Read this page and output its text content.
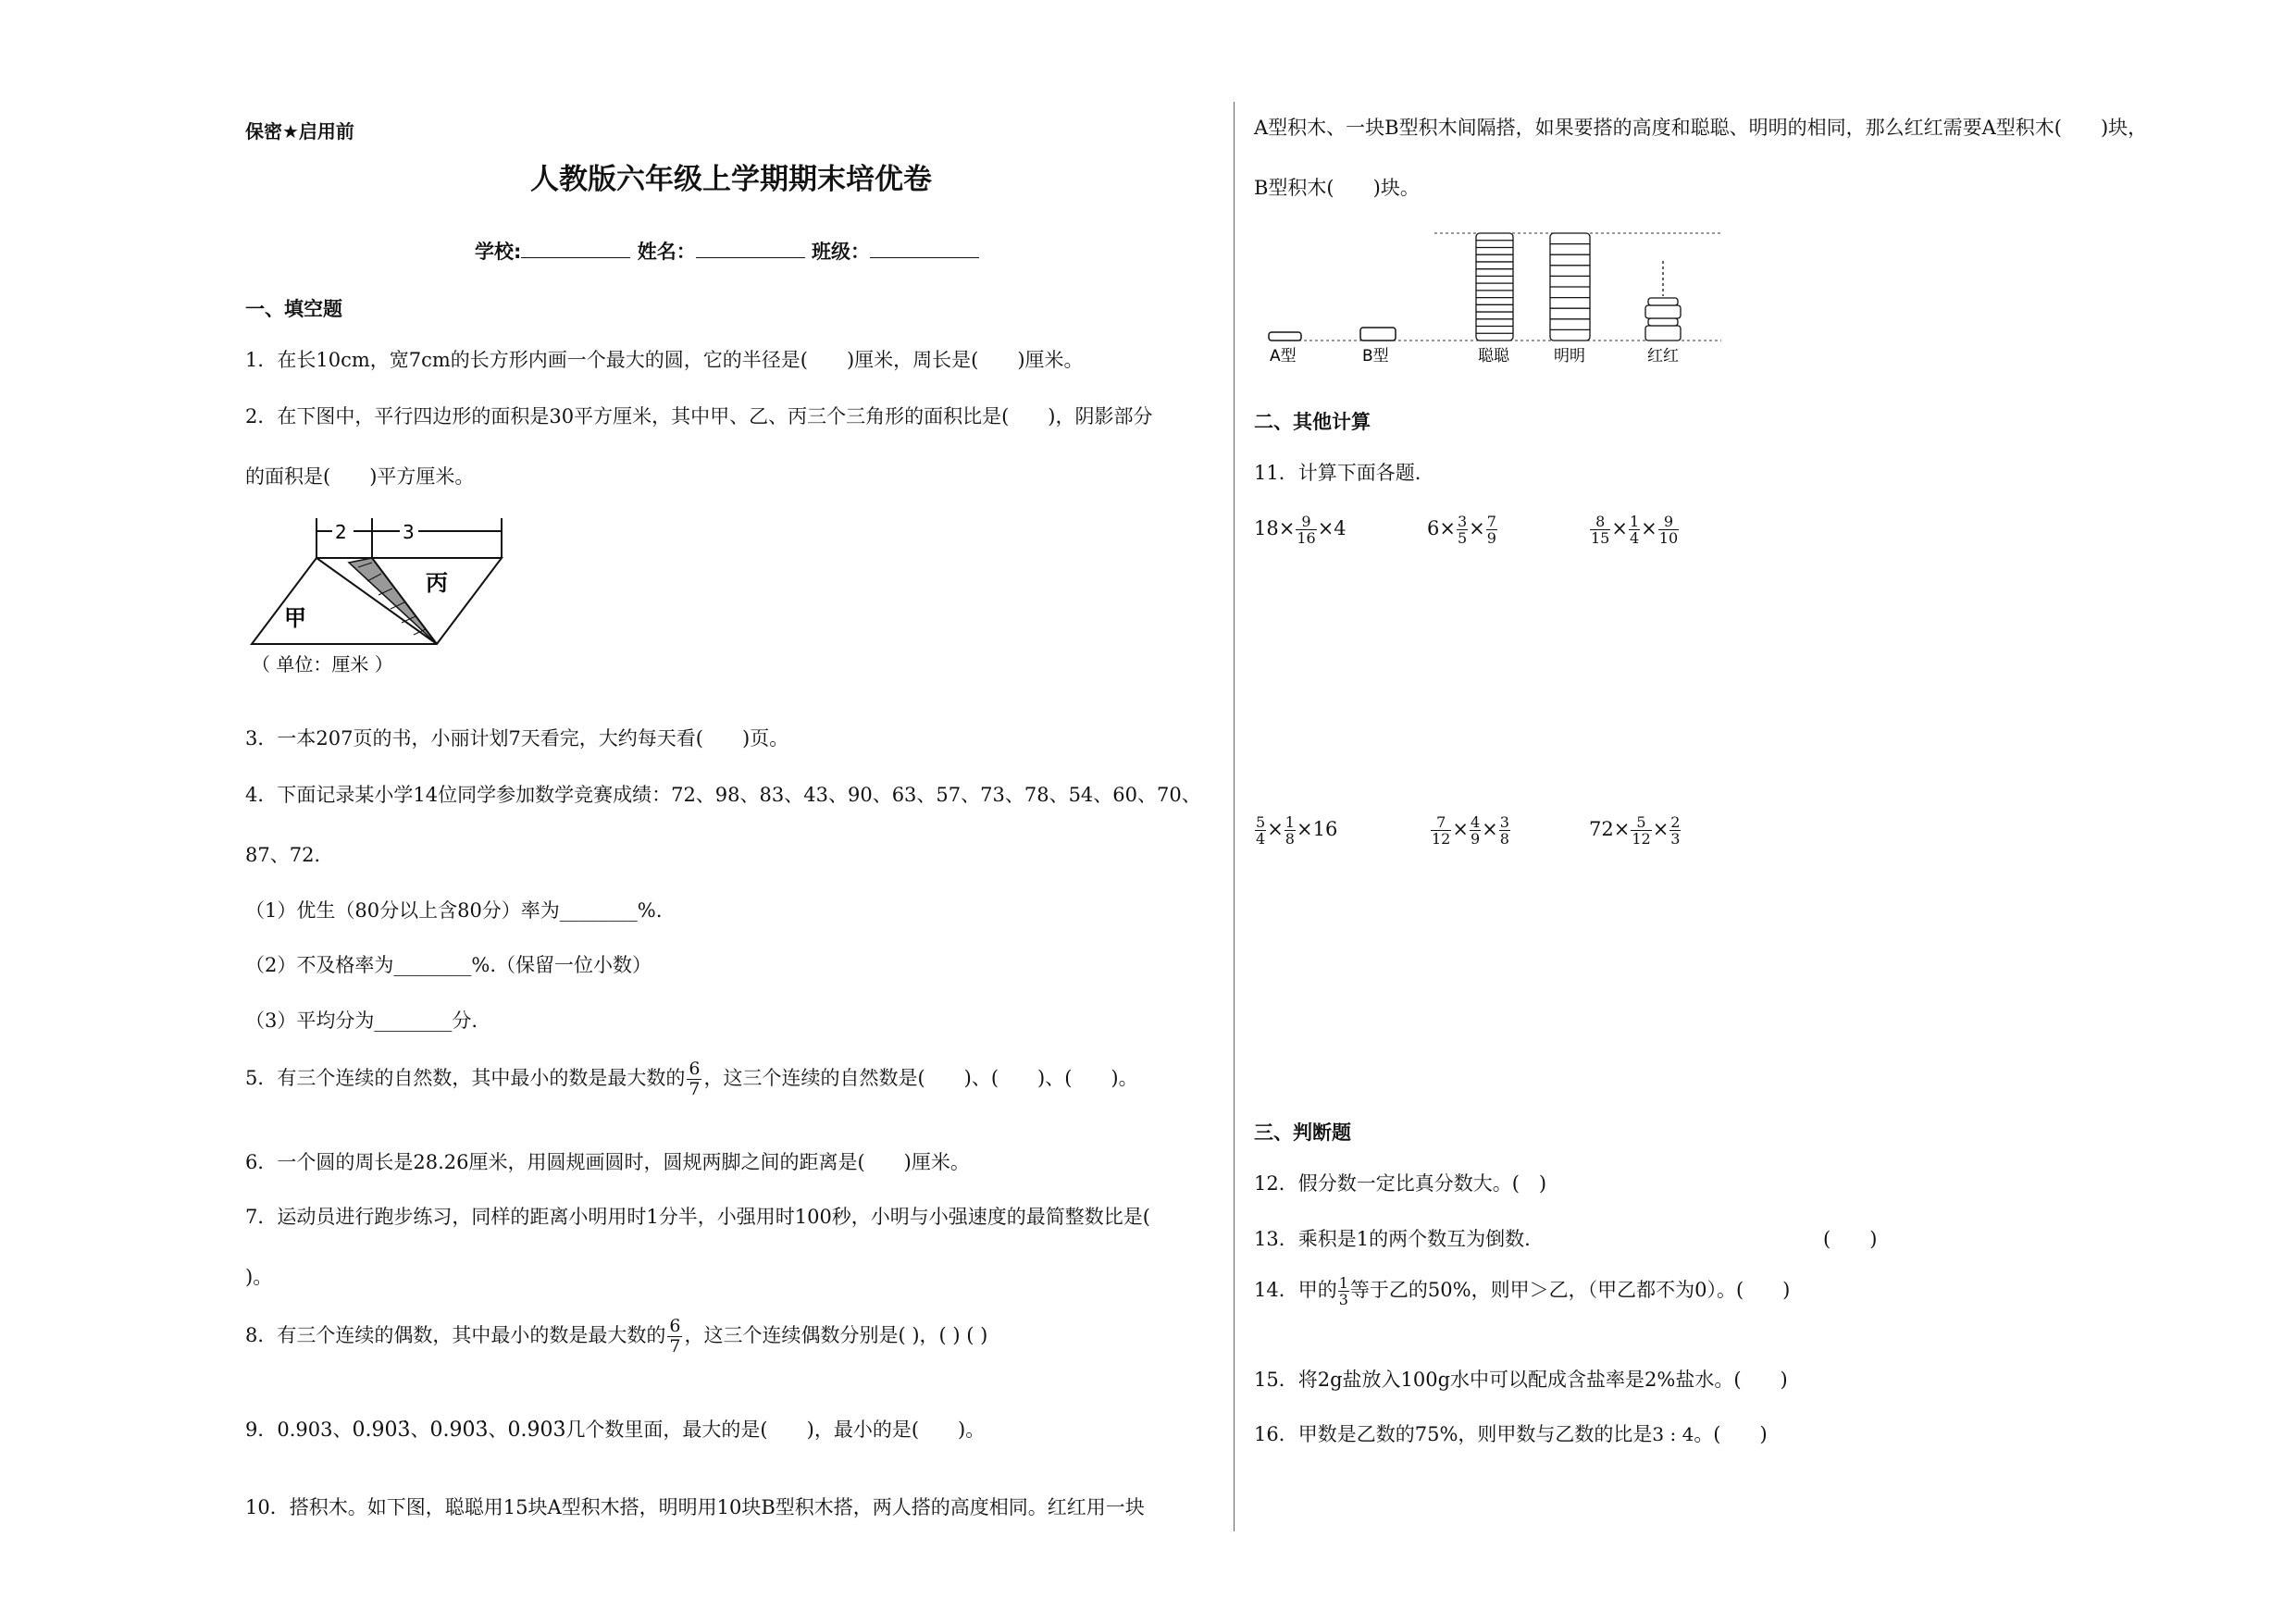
保密★启用前
人教版六年级上学期期末培优卷
学校:	姓名：	班级：
一、填空题
1．在长10cm，宽7cm的长方形内画一个最大的圆，它的半径是(　　)厘米，周长是(　　)厘米。
2．在下图中，平行四边形的面积是30平方厘米，其中甲、乙、丙三个三角形的面积比是(　　)，阴影部分
的面积是(　　)平方厘米。
甲
丙
2	3
（ 单位：厘米 ）
3．一本207页的书，小丽计划7天看完，大约每天看(　　)页。
4．下面记录某小学14位同学参加数学竞赛成绩：72、98、83、43、90、63、57、73、78、54、60、70、
87、72．
（1）优生（80分以上含80分）率为________%.
（2）不及格率为________%.（保留一位小数）
（3）平均分为________分.
5．有三个连续的自然数，其中最小的数是最大数的 $\frac{6}{7}$ ，这三个连续的自然数是(　　)、(　　)、(　　)。
6．一个圆的周长是28.26厘米，用圆规画圆时，圆规两脚之间的距离是(　　)厘米。
7．运动员进行跑步练习，同样的距离小明用时1分半，小强用时100秒，小明与小强速度的最简整数比是(
)。
8．有三个连续的偶数，其中最小的数是最大数的 $\frac{6}{7}$ ，这三个连续偶数分别是( )，( ) ( )
9．0.903、0.903̇、0.90̇3̇、0.9̇03̇几个数里面，最大的是(　　)，最小的是(　　)。
10．搭积木。如下图，聪聪用15块A型积木搭，明明用10块B型积木搭，两人搭的高度相同。红红用一块
A型积木、一块B型积木间隔搭，如果要搭的高度和聪聪、明明的相同，那么红红需要A型积木(　　)块，
B型积木(　　)块。
A型	B型	聪聪	明明	红红
二、其他计算
11．计算下面各题.
$18\times \frac{9}{16} \times 4$	$6\times \frac{3}{5} \times \frac{7}{9}$	$\frac{8}{15} \times \frac{1}{4} \times \frac{9}{10}$
$\frac{5}{4} \times \frac{1}{8} \times 16$	$\frac{7}{12} \times \frac{4}{9} \times \frac{3}{8}$	$72\times \frac{5}{12} \times \frac{2}{3}$
三、判断题
12．假分数一定比真分数大。(　)
13．乘积是1的两个数互为倒数.	(　　)
14．甲的 $\frac{1}{3}$ 等于乙的50%，则甲＞乙，（甲乙都不为0）。(　　)
15．将2g盐放入100g水中可以配成含盐率是2%盐水。(　　)
16．甲数是乙数的75%，则甲数与乙数的比是3 : 4。(　　)
